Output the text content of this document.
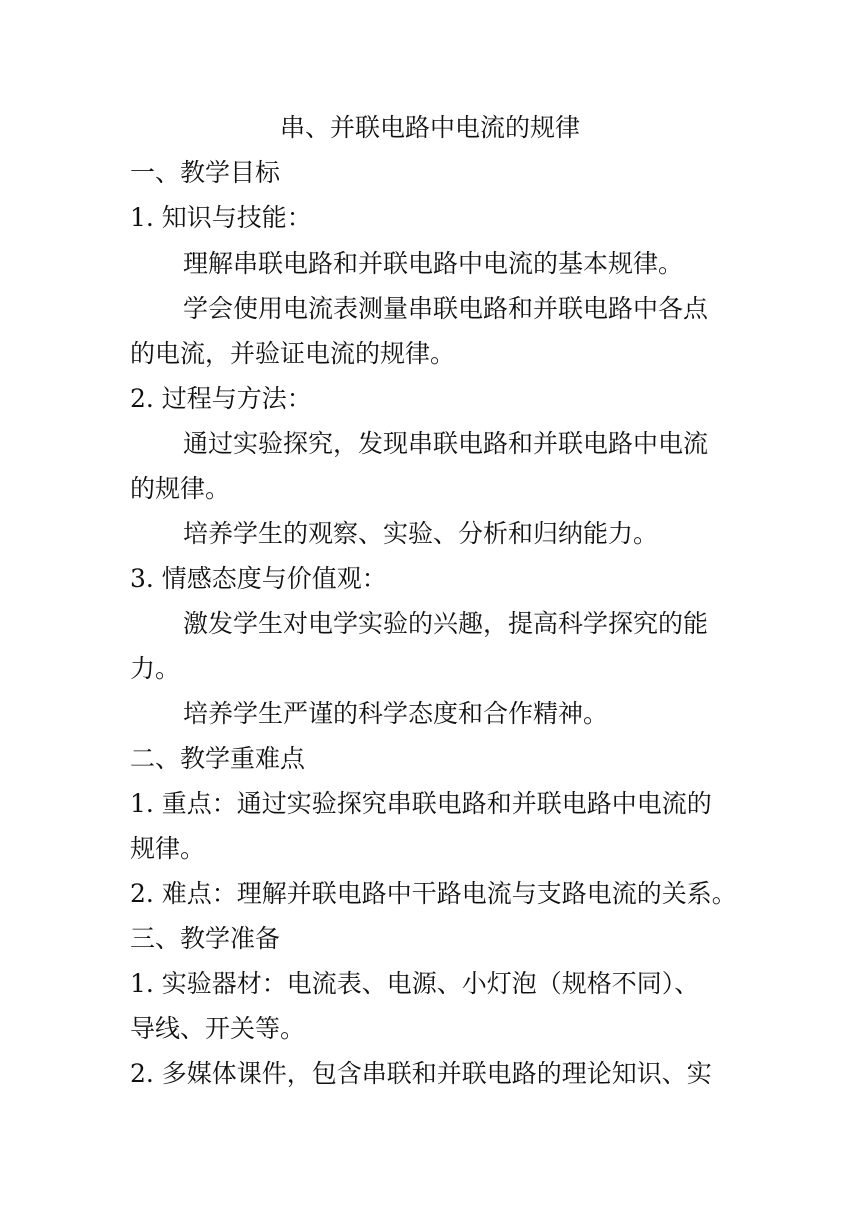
串、并联电路中电流的规律
一、教学目标
1. 知识与技能：
理解串联电路和并联电路中电流的基本规律。
学会使用电流表测量串联电路和并联电路中各点
的电流，并验证电流的规律。
2. 过程与方法：
通过实验探究，发现串联电路和并联电路中电流
的规律。
培养学生的观察、实验、分析和归纳能力。
3. 情感态度与价值观：
激发学生对电学实验的兴趣，提高科学探究的能
力。
培养学生严谨的科学态度和合作精神。
二、教学重难点
1. 重点：通过实验探究串联电路和并联电路中电流的
规律。
2. 难点：理解并联电路中干路电流与支路电流的关系。
三、教学准备
1. 实验器材：电流表、电源、小灯泡（规格不同）、
导线、开关等。
2. 多媒体课件，包含串联和并联电路的理论知识、实
